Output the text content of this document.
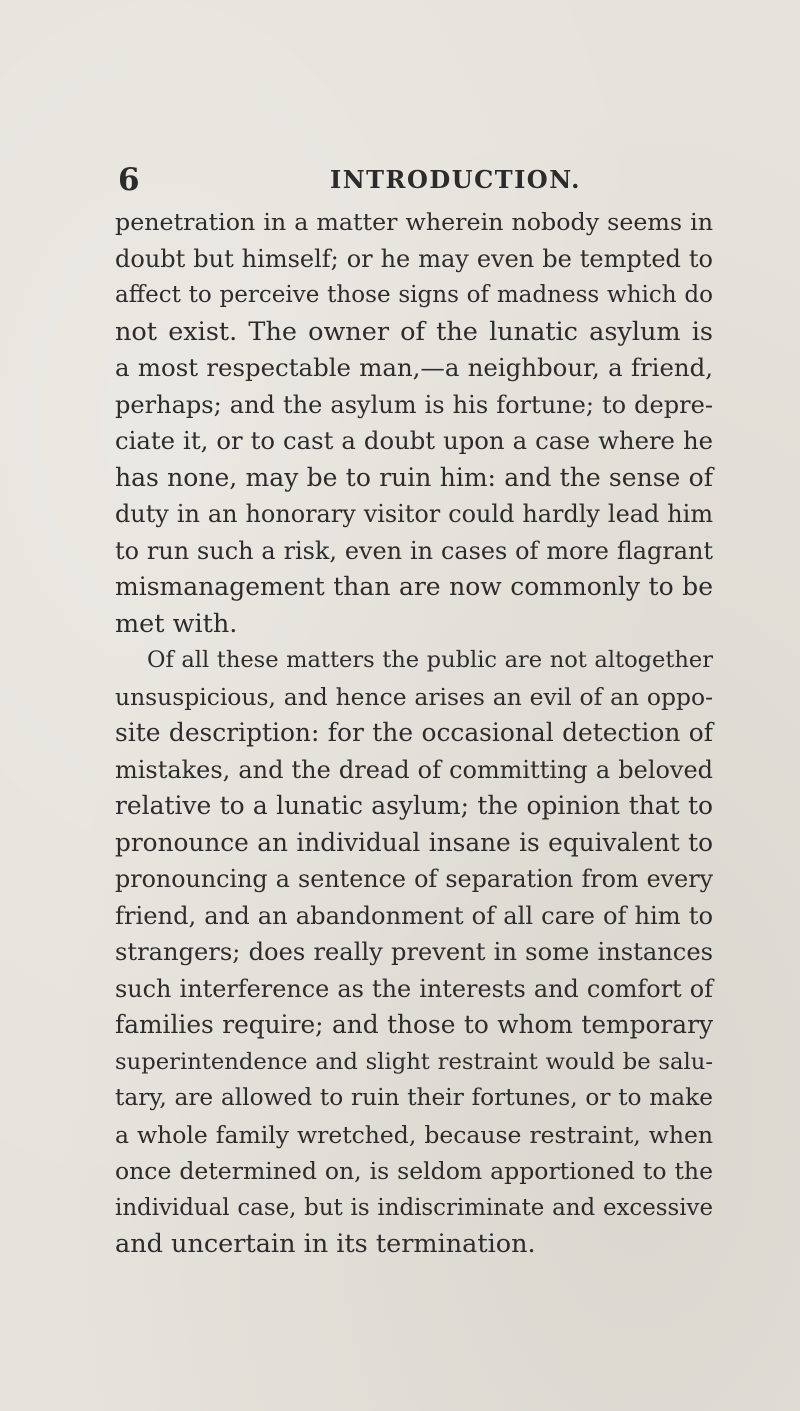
6	INTRODUCTION.
penetration in a matter wherein nobody seems in
doubt but himself; or he may even be tempted to
affect to perceive those signs of madness which do
not exist. The owner of the lunatic asylum is
a most respectable man,—a neighbour, a friend,
perhaps; and the asylum is his fortune; to depre-
ciate it, or to cast a doubt upon a case where he
has none, may be to ruin him: and the sense of
duty in an honorary visitor could hardly lead him
to run such a risk, even in cases of more flagrant
mismanagement than are now commonly to be
met with.
Of all these matters the public are not altogether
unsuspicious, and hence arises an evil of an oppo-
site description: for the occasional detection of
mistakes, and the dread of committing a beloved
relative to a lunatic asylum; the opinion that to
pronounce an individual insane is equivalent to
pronouncing a sentence of separation from every
friend, and an abandonment of all care of him to
strangers; does really prevent in some instances
such interference as the interests and comfort of
families require; and those to whom temporary
superintendence and slight restraint would be salu-
tary, are allowed to ruin their fortunes, or to make
a whole family wretched, because restraint, when
once determined on, is seldom apportioned to the
individual case, but is indiscriminate and excessive
and uncertain in its termination.
